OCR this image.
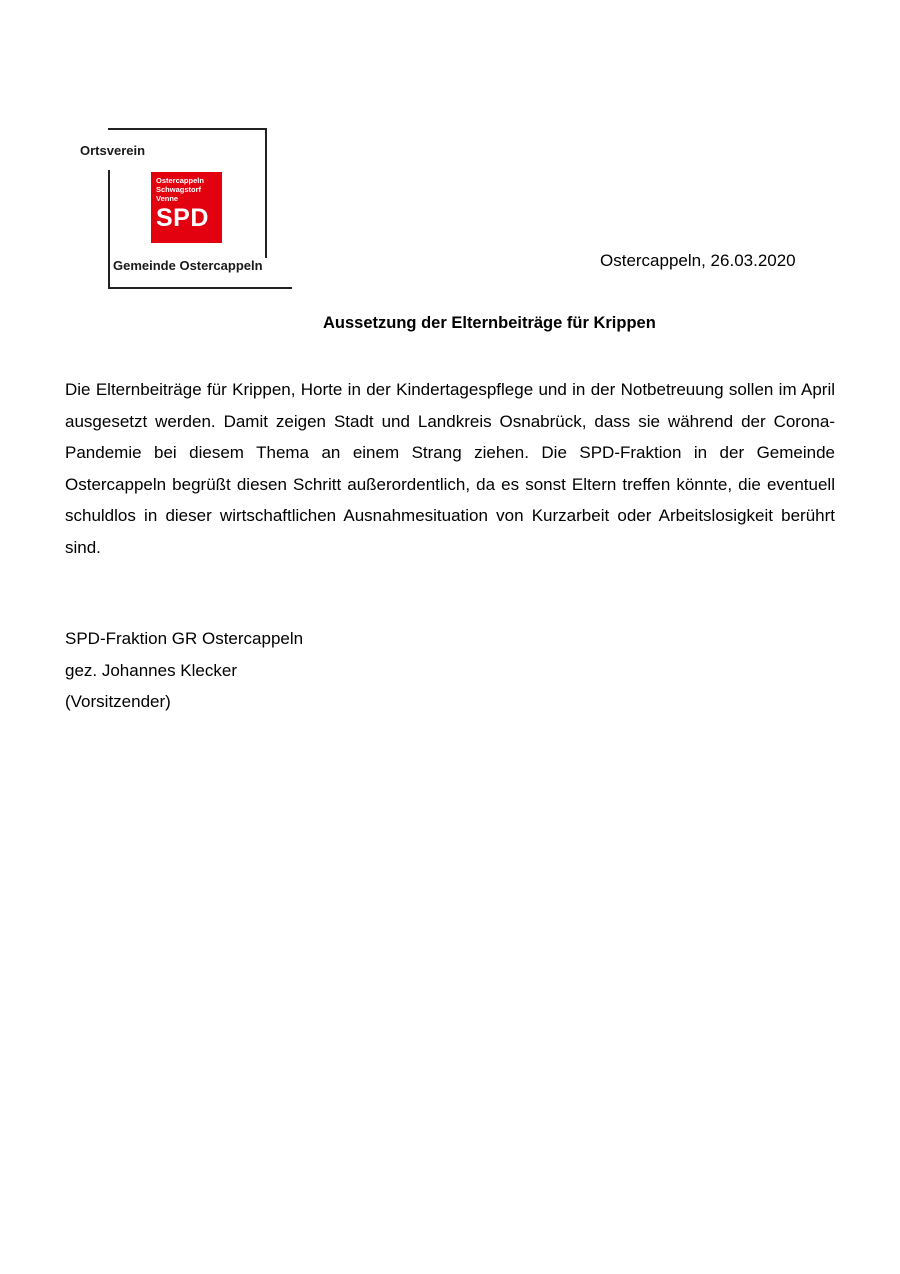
Ortsverein
Ostercappeln
Schwagstorf
Venne
SPD
Gemeinde Ostercappeln	Ostercappeln, 26.03.2020
Aussetzung der Elternbeiträge für Krippen

Die Elternbeiträge für Krippen, Horte in der Kindertagespflege und in der Notbetreuung sollen im April ausgesetzt werden. Damit zeigen Stadt und Landkreis Osnabrück, dass sie während der Corona-Pandemie bei diesem Thema an einem Strang ziehen. Die SPD-Fraktion in der Gemeinde Ostercappeln begrüßt diesen Schritt außerordentlich, da es sonst Eltern treffen könnte, die eventuell schuldlos in dieser wirtschaftlichen Ausnahmesituation von Kurzarbeit oder Arbeitslosigkeit berührt sind.

SPD-Fraktion GR Ostercappeln
gez. Johannes Klecker
(Vorsitzender)
